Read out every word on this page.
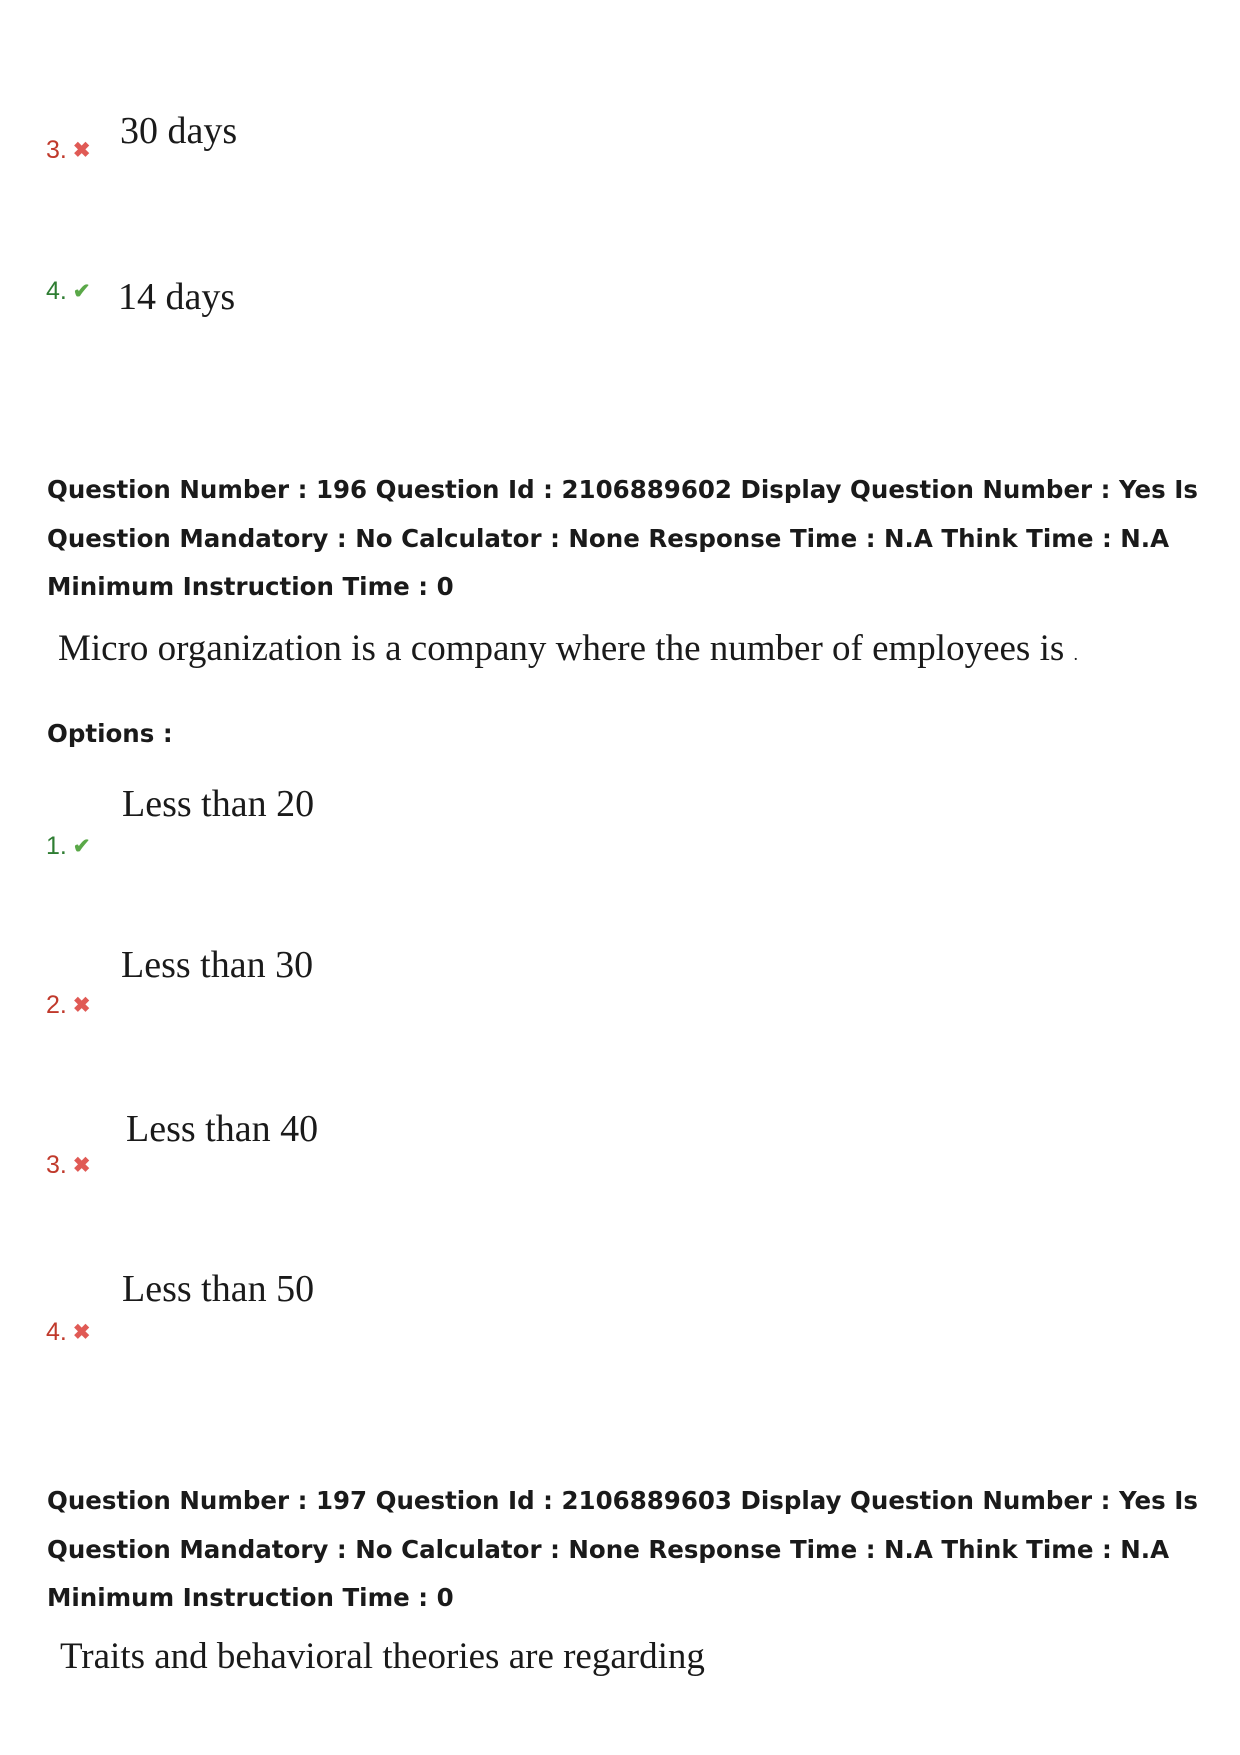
3. ✖ 30 days
4. ✔ 14 days

Question Number : 196 Question Id : 2106889602 Display Question Number : Yes Is Question Mandatory : No Calculator : None Response Time : N.A Think Time : N.A Minimum Instruction Time : 0

Micro organization is a company where the number of employees is .
Options :
1. ✔
Less than 20
2. ✖
Less than 30
3. ✖
Less than 40
4. ✖
Less than 50

Question Number : 197 Question Id : 2106889603 Display Question Number : Yes Is Question Mandatory : No Calculator : None Response Time : N.A Think Time : N.A Minimum Instruction Time : 0

Traits and behavioral theories are regarding
